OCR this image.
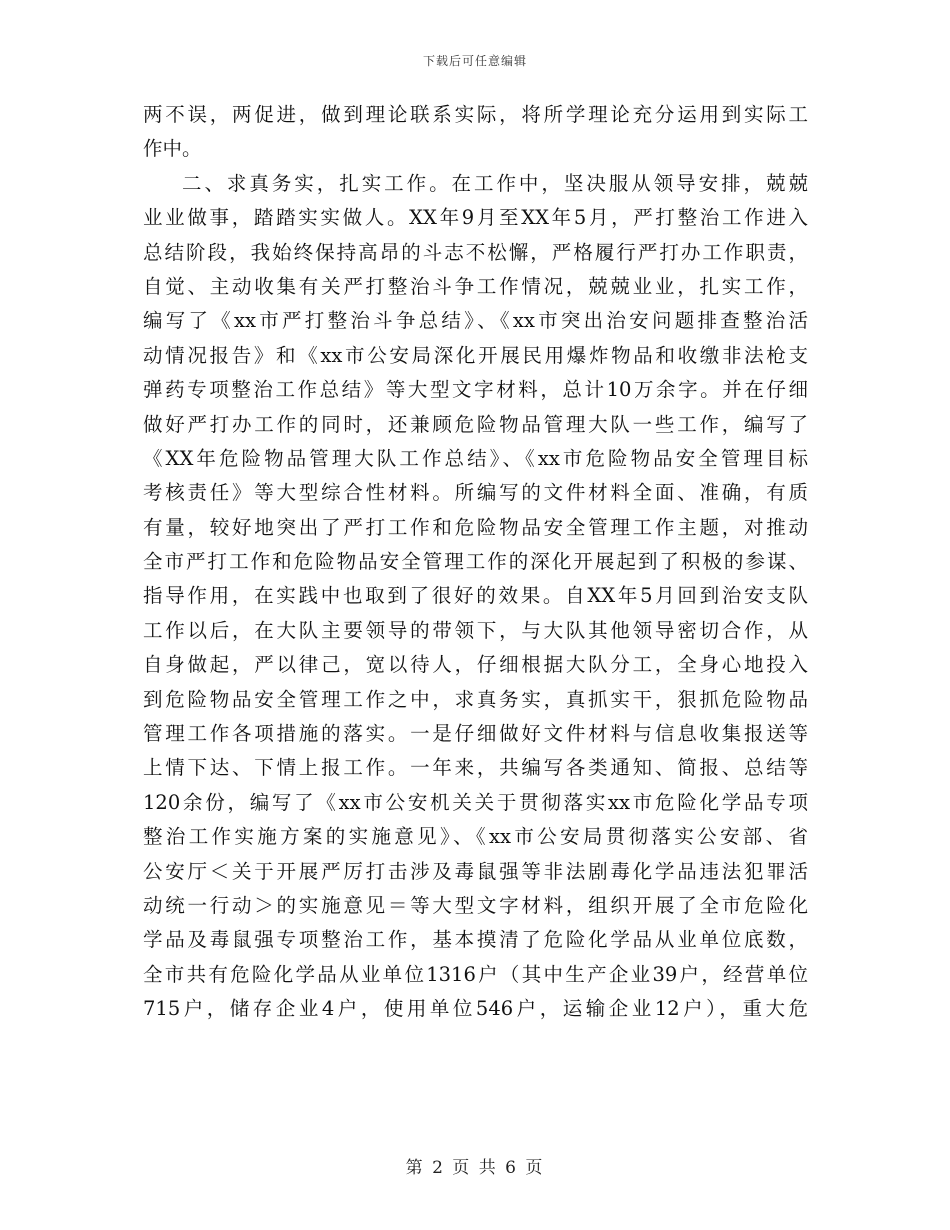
下载后可任意编辑
两不误，两促进，做到理论联系实际，将所学理论充分运用到实际工
作中。
二、求真务实，扎实工作。在工作中，坚决服从领导安排，兢兢
业业做事，踏踏实实做人。XX年9月至XX年5月，严打整治工作进入
总结阶段，我始终保持高昂的斗志不松懈，严格履行严打办工作职责，
自觉、主动收集有关严打整治斗争工作情况，兢兢业业，扎实工作，
编写了《xx市严打整治斗争总结》、《xx市突出治安问题排查整治活
动情况报告》和《xx市公安局深化开展民用爆炸物品和收缴非法枪支
弹药专项整治工作总结》等大型文字材料，总计10万余字。并在仔细
做好严打办工作的同时，还兼顾危险物品管理大队一些工作，编写了
《XX年危险物品管理大队工作总结》、《xx市危险物品安全管理目标
考核责任》等大型综合性材料。所编写的文件材料全面、准确，有质
有量，较好地突出了严打工作和危险物品安全管理工作主题，对推动
全市严打工作和危险物品安全管理工作的深化开展起到了积极的参谋、
指导作用，在实践中也取到了很好的效果。自XX年5月回到治安支队
工作以后，在大队主要领导的带领下，与大队其他领导密切合作，从
自身做起，严以律己，宽以待人，仔细根据大队分工，全身心地投入
到危险物品安全管理工作之中，求真务实，真抓实干，狠抓危险物品
管理工作各项措施的落实。一是仔细做好文件材料与信息收集报送等
上情下达、下情上报工作。一年来，共编写各类通知、简报、总结等
120余份，编写了《xx市公安机关关于贯彻落实xx市危险化学品专项
整治工作实施方案的实施意见》、《xx市公安局贯彻落实公安部、省
公安厅＜关于开展严厉打击涉及毒鼠强等非法剧毒化学品违法犯罪活
动统一行动＞的实施意见＝等大型文字材料，组织开展了全市危险化
学品及毒鼠强专项整治工作，基本摸清了危险化学品从业单位底数，
全市共有危险化学品从业单位1316户（其中生产企业39户，经营单位
715户，储存企业4户，使用单位546户，运输企业12户），重大危
第 2 页 共 6 页
